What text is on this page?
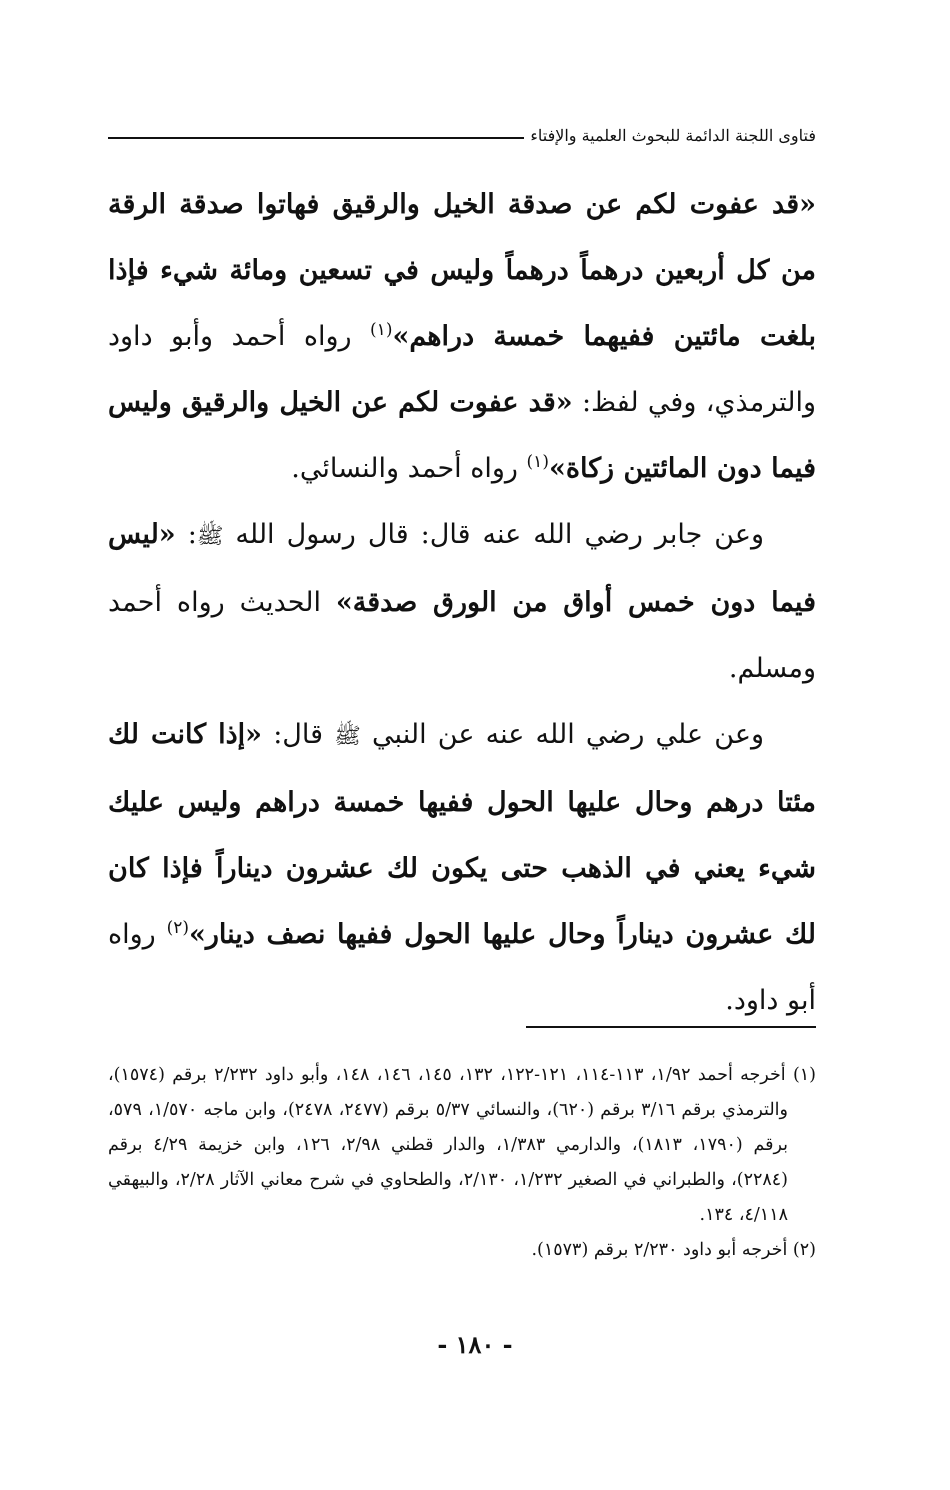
فتاوى اللجنة الدائمة للبحوث العلمية والإفتاء

«قد عفوت لكم عن صدقة الخيل والرقيق فهاتوا صدقة الرقة من كل أربعين درهماً درهماً وليس في تسعين ومائة شيء فإذا بلغت مائتين ففيهما خمسة دراهم»$^{(١)}$ رواه أحمد وأبو داود والترمذي، وفي لفظ: «قد عفوت لكم عن الخيل والرقيق وليس فيما دون المائتين زكاة»$^{(١)}$ رواه أحمد والنسائي.

وعن جابر رضي الله عنه قال: قال رسول الله ﷺ: «ليس فيما دون خمس أواق من الورق صدقة» الحديث رواه أحمد ومسلم.

وعن علي رضي الله عنه عن النبي ﷺ قال: «إذا كانت لك مئتا درهم وحال عليها الحول ففيها خمسة دراهم وليس عليك شيء يعني في الذهب حتى يكون لك عشرون ديناراً فإذا كان لك عشرون ديناراً وحال عليها الحول ففيها نصف دينار»$^{(٢)}$ رواه أبو داود.

(١) أخرجه أحمد ١/٩٢، ١١٣-١١٤، ١٢١-١٢٢، ١٣٢، ١٤٥، ١٤٦، ١٤٨، وأبو داود ٢/٢٣٢ برقم (١٥٧٤)، والترمذي برقم ٣/١٦ برقم (٦٢٠)، والنسائي ٥/٣٧ برقم (٢٤٧٧، ٢٤٧٨)، وابن ماجه ١/٥٧٠، ٥٧٩، برقم (١٧٩٠، ١٨١٣)، والدارمي ١/٣٨٣، والدار قطني ٢/٩٨، ١٢٦، وابن خزيمة ٤/٢٩ برقم (٢٢٨٤)، والطبراني في الصغير ١/٢٣٢، ٢/١٣٠، والطحاوي في شرح معاني الآثار ٢/٢٨، والبيهقي ٤/١١٨، ١٣٤.

(٢) أخرجه أبو داود ٢/٢٣٠ برقم (١٥٧٣).

- ١٨٠ -
